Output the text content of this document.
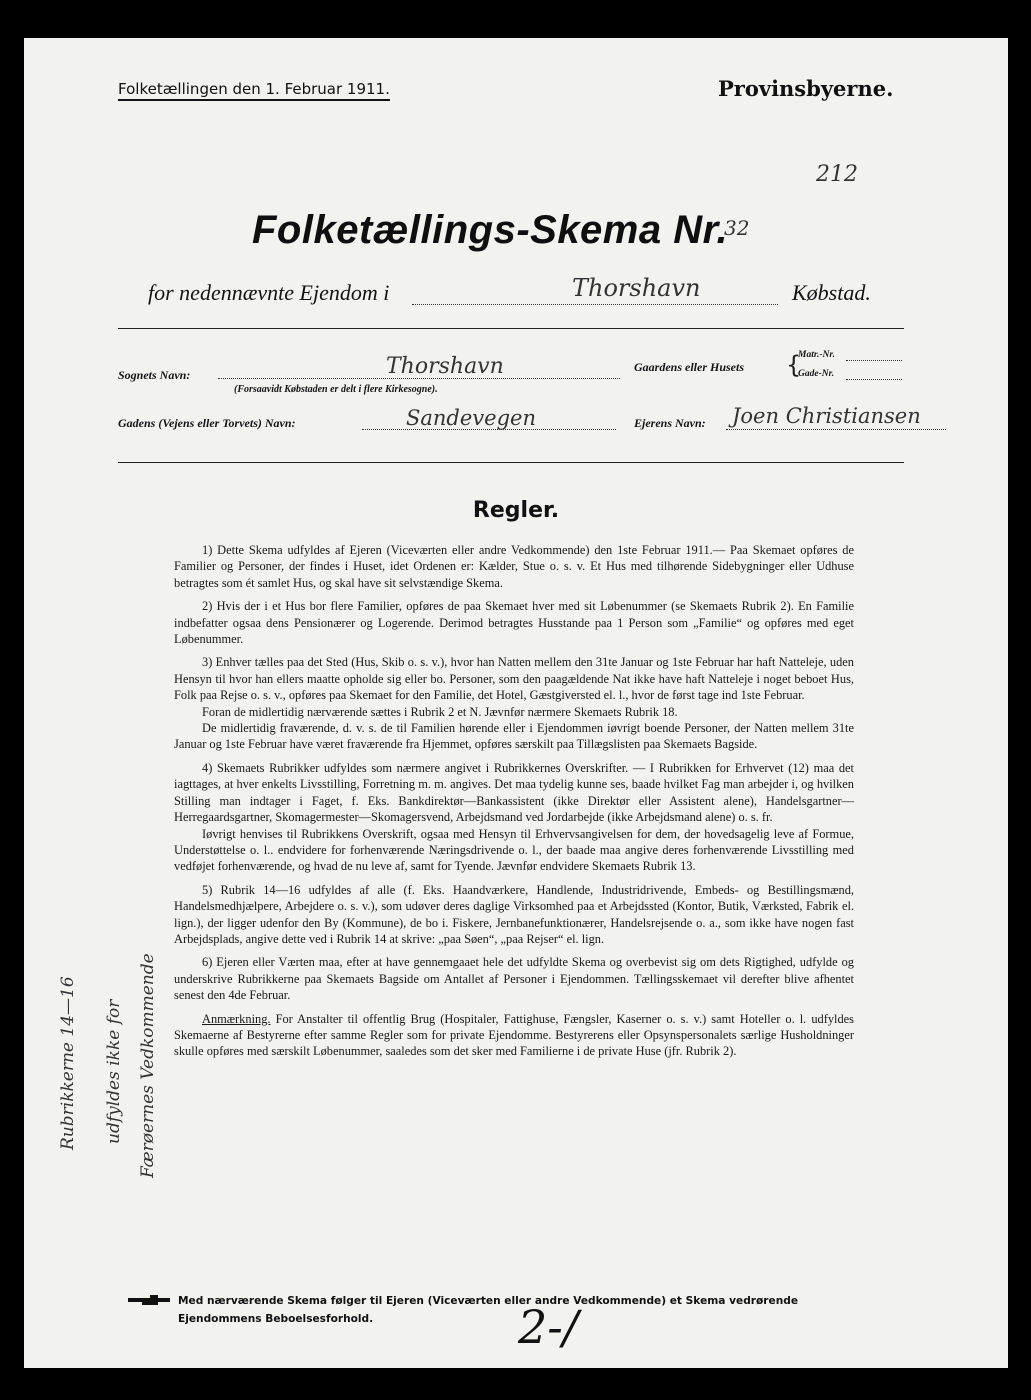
Folketællingen den 1. Februar 1911.	Provinsbyerne.
212
Folketællings-Skema Nr.
32
for nedennævnte Ejendom i	Thorshavn	Købstad.
Sognets Navn:	Thorshavn
(Forsaavidt Købstaden er delt i flere Kirkesogne).
Gaardens eller Husets {
Matr.-Nr.
Gade-Nr.
Gadens (Vejens eller Torvets) Navn:	Sandevegen	Ejerens Navn: Joen Christiansen
Regler.

1) Dette Skema udfyldes af Ejeren (Viceværten eller andre Vedkommende) den 1ste Februar 1911.— Paa Skemaet opføres de Familier og Personer, der findes i Huset, idet Ordenen er: Kælder, Stue o. s. v. Et Hus med tilhørende Sidebygninger eller Udhuse betragtes som ét samlet Hus, og skal have sit selvstændige Skema.

2) Hvis der i et Hus bor flere Familier, opføres de paa Skemaet hver med sit Løbenummer (se Skemaets Rubrik 2). En Familie indbefatter ogsaa dens Pensionærer og Logerende. Derimod betragtes Husstande paa 1 Person som „Familie“ og opføres med eget Løbenummer.

3) Enhver tælles paa det Sted (Hus, Skib o. s. v.), hvor han Natten mellem den 31te Januar og 1ste Februar har haft Natteleje, uden Hensyn til hvor han ellers maatte opholde sig eller bo. Personer, som den paagældende Nat ikke have haft Natteleje i noget beboet Hus, Folk paa Rejse o. s. v., opføres paa Skemaet for den Familie, det Hotel, Gæstgiversted el. l., hvor de først tage ind 1ste Februar.

Foran de midlertidig nærværende sættes i Rubrik 2 et N. Jævnfør nærmere Skemaets Rubrik 18.

De midlertidig fraværende, d. v. s. de til Familien hørende eller i Ejendommen iøvrigt boende Personer, der Natten mellem 31te Januar og 1ste Februar have været fraværende fra Hjemmet, opføres særskilt paa Tillægslisten paa Skemaets Bagside.

4) Skemaets Rubrikker udfyldes som nærmere angivet i Rubrikkernes Overskrifter. — I Rubrikken for Erhvervet (12) maa det iagttages, at hver enkelts Livsstilling, Forretning m. m. angives. Det maa tydelig kunne ses, baade hvilket Fag man arbejder i, og hvilken Stilling man indtager i Faget, f. Eks. Bankdirektør—Bankassistent (ikke Direktør eller Assistent alene), Handelsgartner—Herregaardsgartner, Skomagermester—Skomagersvend, Arbejdsmand ved Jordarbejde (ikke Arbejdsmand alene) o. s. fr.

Iøvrigt henvises til Rubrikkens Overskrift, ogsaa med Hensyn til Erhvervsangivelsen for dem, der hovedsagelig leve af Formue, Understøttelse o. l.. endvidere for forhenværende Næringsdrivende o. l., der baade maa angive deres forhenværende Livsstilling med vedføjet forhenværende, og hvad de nu leve af, samt for Tyende. Jævnfør endvidere Skemaets Rubrik 13.

5) Rubrik 14—16 udfyldes af alle (f. Eks. Haandværkere, Handlende, Industridrivende, Embeds- og Bestillingsmænd, Handelsmedhjælpere, Arbejdere o. s. v.), som udøver deres daglige Virksomhed paa et Arbejdssted (Kontor, Butik, Værksted, Fabrik el. lign.), der ligger udenfor den By (Kommune), de bo i. Fiskere, Jernbanefunktionærer, Handelsrejsende o. a., som ikke have nogen fast Arbejdsplads, angive dette ved i Rubrik 14 at skrive: „paa Søen“, „paa Rejser“ el. lign.

6) Ejeren eller Værten maa, efter at have gennemgaaet hele det udfyldte Skema og overbevist sig om dets Rigtighed, udfylde og underskrive Rubrikkerne paa Skemaets Bagside om Antallet af Personer i Ejendommen. Tællingsskemaet vil derefter blive afhentet senest den 4de Februar.

Anmærkning. For Anstalter til offentlig Brug (Hospitaler, Fattighuse, Fængsler, Kaserner o. s. v.) samt Hoteller o. l. udfyldes Skemaerne af Bestyrerne efter samme Regler som for private Ejendomme. Bestyrerens eller Opsynspersonalets særlige Husholdninger skulle opføres med særskilt Løbenummer, saaledes som det sker med Familierne i de private Huse (jfr. Rubrik 2).

Rubrikkerne 14—16 udfyldes ikke for Færøernes Vedkommende
Med nærværende Skema følger til Ejeren (Viceværten eller andre Vedkommende) et Skema vedrørende Ejendommens Beboelsesforhold.	2-/
